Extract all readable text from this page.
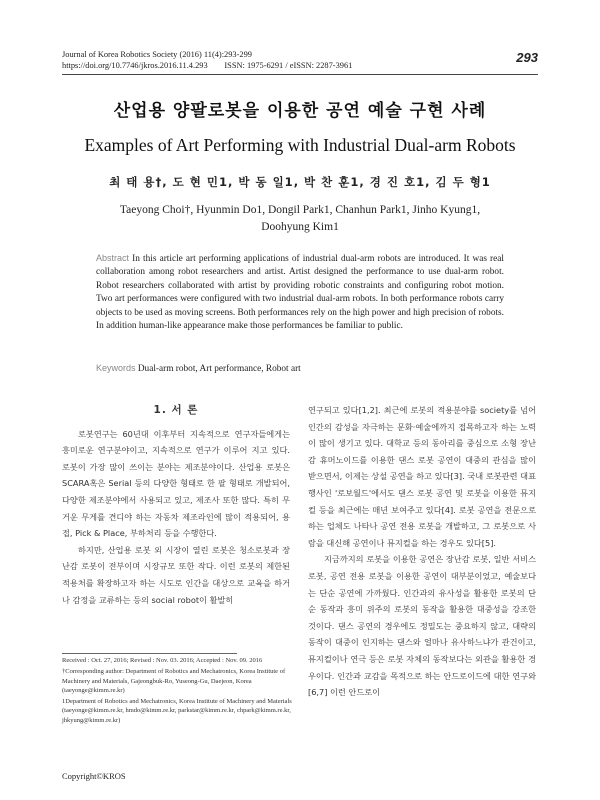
Journal of Korea Robotics Society (2016) 11(4):293-299
https://doi.org/10.7746/jkros.2016.11.4.293        ISSN: 1975-6291 / eISSN: 2287-3961
293
산업용 양팔로봇을 이용한 공연 예술 구현 사례
Examples of Art Performing with Industrial Dual-arm Robots
최 태 용†, 도 현 민1, 박 동 일1, 박 찬 훈1, 경 진 호1, 김 두 형1
Taeyong Choi†, Hyunmin Do1, Dongil Park1, Chanhun Park1, Jinho Kyung1,
Doohyung Kim1
Abstract In this article art performing applications of industrial dual-arm robots are introduced. It was real collaboration among robot researchers and artist. Artist designed the performance to use dual-arm robot. Robot researchers collaborated with artist by providing robotic constraints and configuring robot motion. Two art performances were configured with two industrial dual-arm robots. In both performance robots carry objects to be used as moving screens. Both performances rely on the high power and high precision of robots. In addition human-like appearance make those performances be familiar to public.
Keywords Dual-arm robot, Art performance, Robot art
1. 서 론

로봇연구는 60년대 이후부터 지속적으로 연구자들에게는 흥미로운 연구분야이고, 지속적으로 연구가 이루어 지고 있다. 로봇이 가장 많이 쓰이는 분야는 제조분야이다. 산업용 로봇은 SCARA혹은 Serial 등의 다양한 형태로 한 팔 형태로 개발되어, 다양한 제조분야에서 사용되고 있고, 제조사 또한 많다. 특히 무거운 무게를 견디야 하는 자동차 제조라인에 많이 적용되어, 용접, Pick & Place, 부하처리 등을 수행한다.

하지만, 산업용 로봇 외 시장이 열린 로봇은 청소로봇과 장난감 로봇이 전부이며 시장규모 또한 작다. 이런 로봇의 제한된 적용처를 확장하고자 하는 시도로 인간을 대상으로 교육을 하거나 감정을 교류하는 등의 social robot이 활발히

연구되고 있다[1,2]. 최근에 로봇의 적용분야를 society를 넘어 인간의 감성을 자극하는 문화·예술에까지 접목하고자 하는 노력이 많이 생기고 있다. 대학교 등의 동아리를 중심으로 소형 장난감 휴머노이드를 이용한 댄스 로봇 공연이 대중의 관심을 많이 받으면서, 이제는 상설 공연을 하고 있다[3]. 국내 로봇관련 대표 행사인 '로보월드'에서도 댄스 로봇 공연 및 로봇을 이용한 뮤지컬 등을 최근에는 매년 보여주고 있다[4]. 로봇 공연을 전문으로 하는 업체도 나타나 공연 전용 로봇을 개발하고, 그 로봇으로 사람을 대신해 공연이나 뮤지컬을 하는 경우도 있다[5].

지금까지의 로봇을 이용한 공연은 장난감 로봇, 일반 서비스 로봇, 공연 전용 로봇을 이용한 공연이 대부분이었고, 예술보다는 단순 공연에 가까웠다. 인간과의 유사성을 활용한 로봇의 단순 동작과 흥미 위주의 로봇의 동작을 활용한 대중성을 강조한 것이다. 댄스 공연의 경우에도 정밀도는 중요하지 않고, 대략의 동작이 대중이 인지하는 댄스와 얼마나 유사하느냐가 관건이고, 뮤지컬이나 연극 등은 로봇 자체의 동작보다는 외관을 활용한 경우이다. 인간과 교감을 목적으로 하는 안드로이드에 대한 연구와[6,7] 이런 안드로이

Received : Oct. 27, 2016; Revised : Nov. 03. 2016; Accepted : Nov. 09. 2016

†Corresponding author: Department of Robotics and Mechatronics, Korea Institute of Machinery and Materials, Gajeongbuk-Ro, Yuseong-Gu, Daejeon, Korea (taeyonge@kimm.re.kr)

1Department of Robotics and Mechatronics, Korea Institute of Machinery and Materials (taeyonge@kimm.re.kr, hmdo@kimm.re.kr, parkstar@kimm.re.kr, chpark@kimm.re.kr, jhkyung@kimm.re.kr)

Copyright©KROS
